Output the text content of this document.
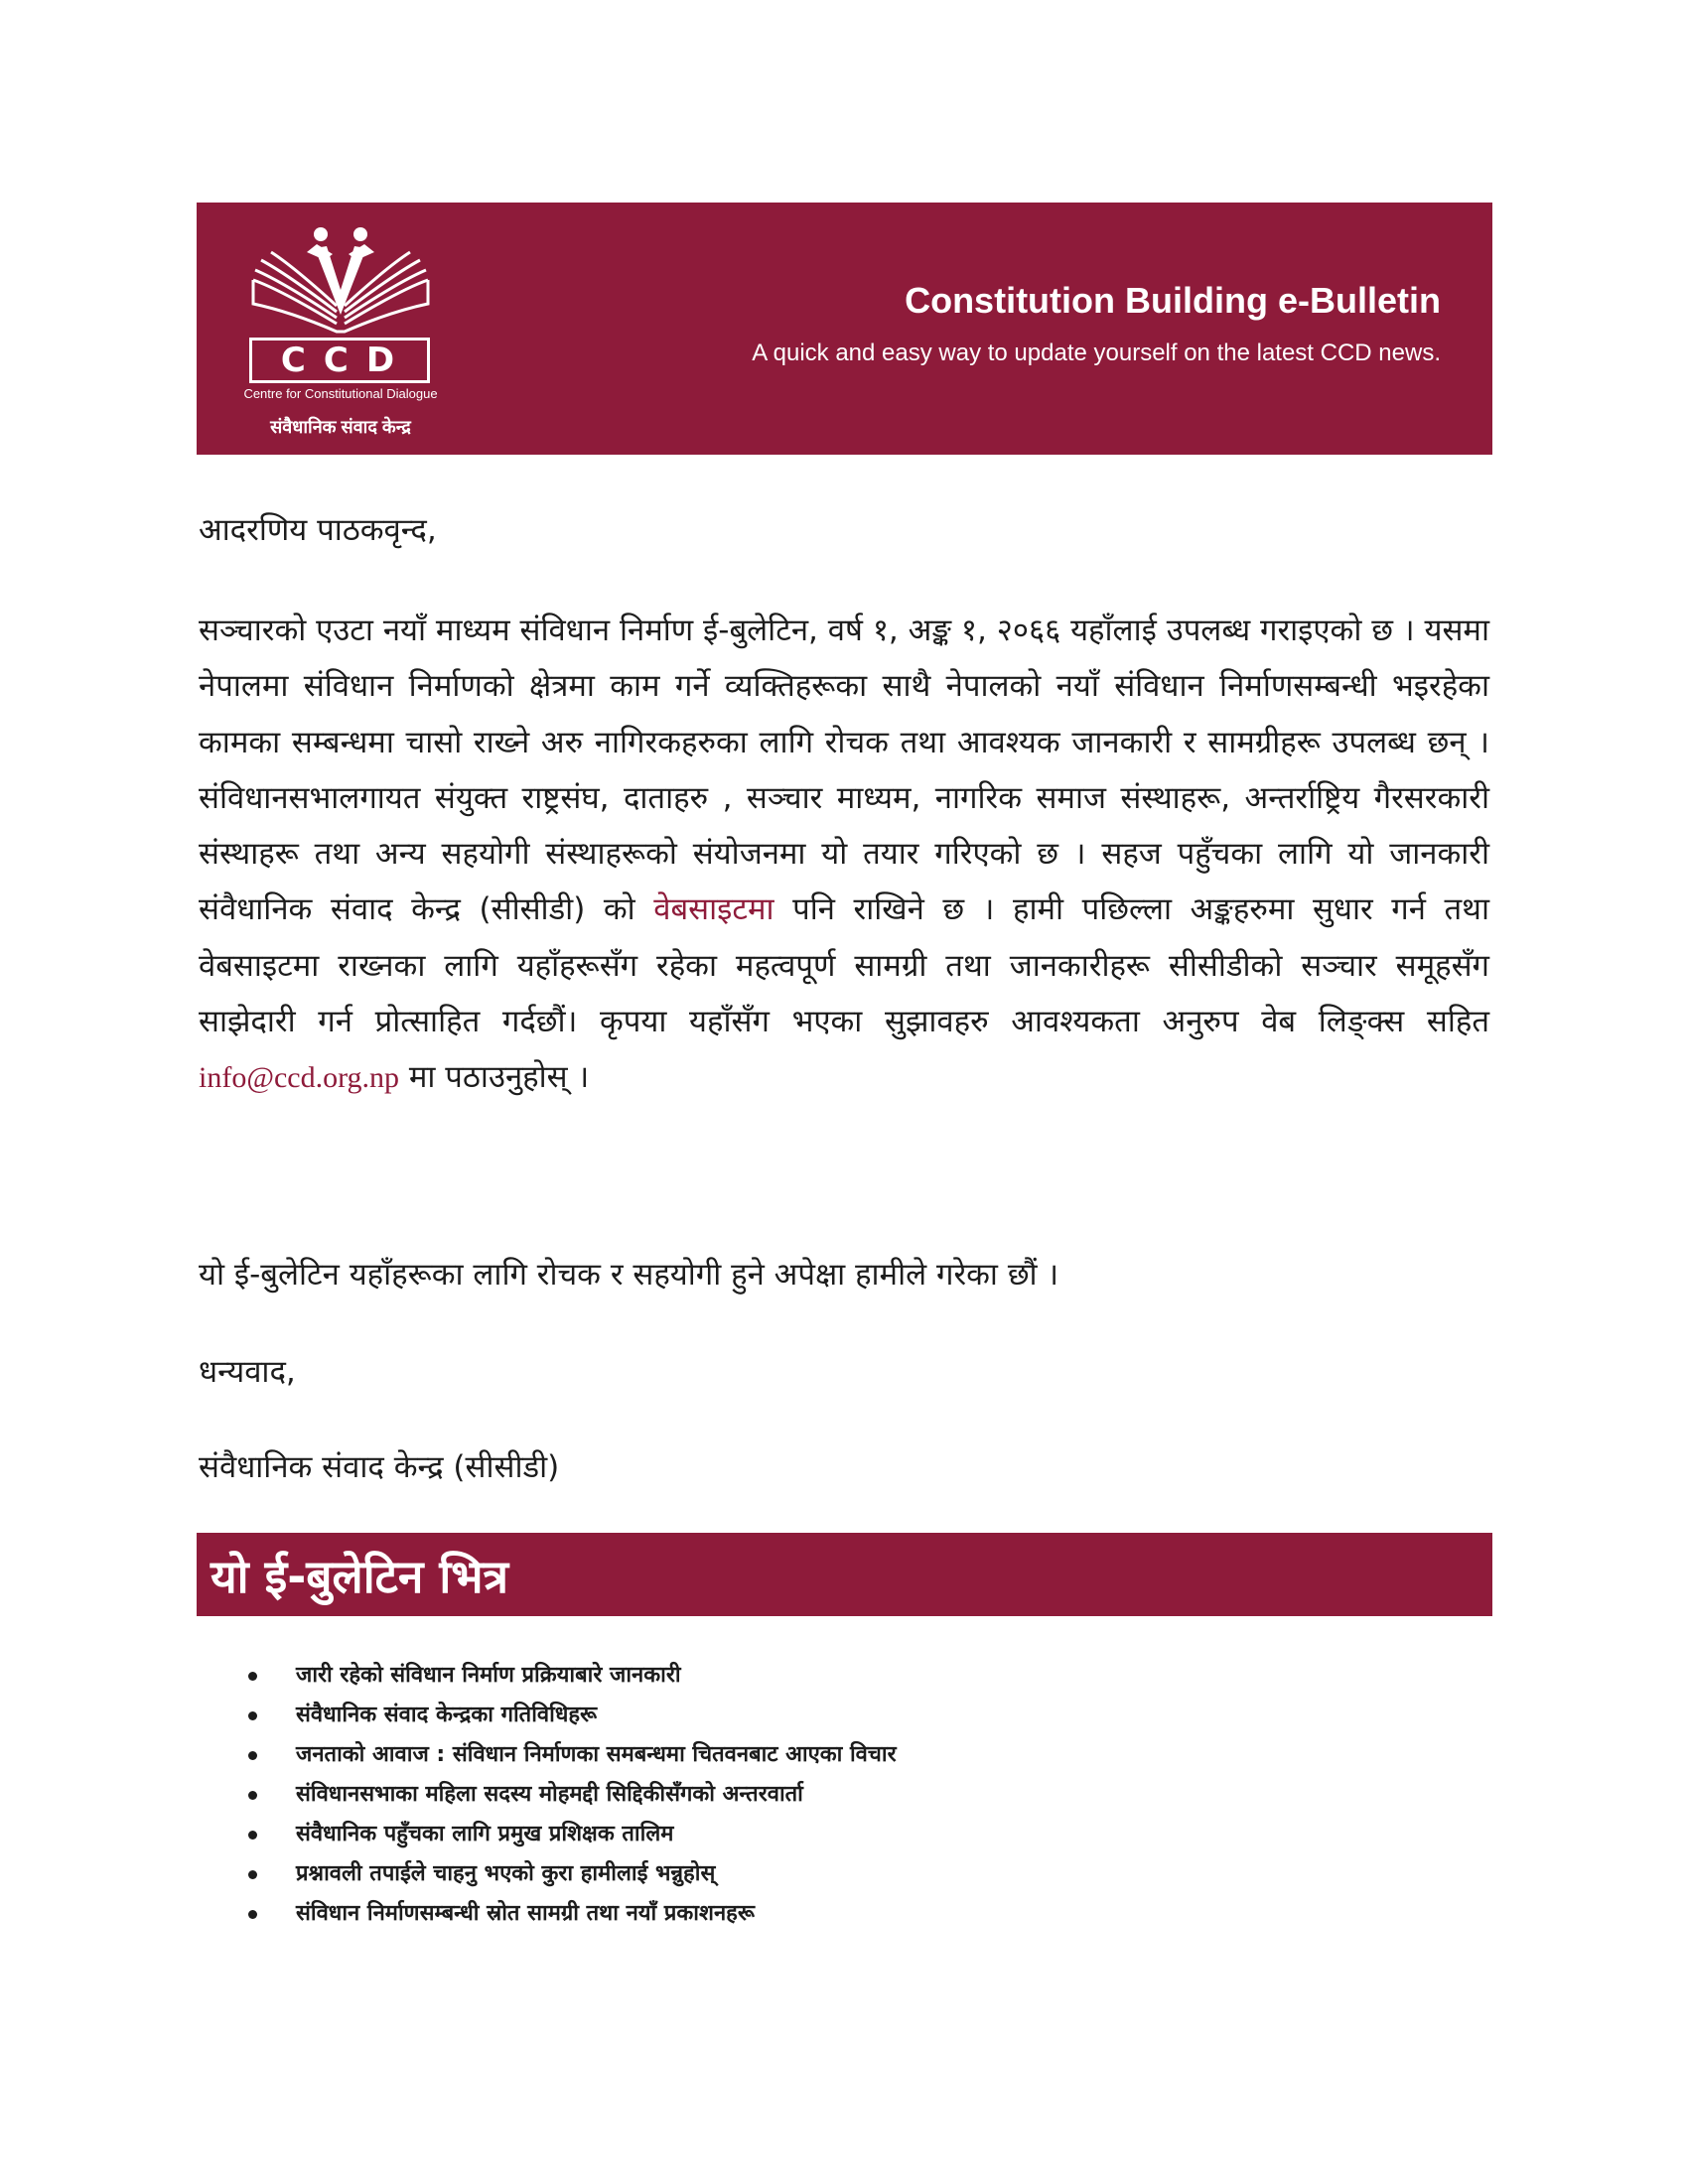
CCD
Centre for Constitutional Dialogue
संवैधानिक संवाद केन्द्र
Constitution Building e-Bulletin
A quick and easy way to update yourself on the latest CCD news.
आदरणिय पाठकवृन्द,
सञ्चारको एउटा नयाँ माध्यम संविधान निर्माण ई-बुलेटिन, वर्ष १, अङ्क १, २०६६ यहाँलाई उपलब्ध गराइएको छ । यसमा नेपालमा संविधान निर्माणको क्षेत्रमा काम गर्ने व्यक्तिहरूका साथै नेपालको नयाँ संविधान निर्माणसम्बन्धी भइरहेका कामका सम्बन्धमा चासो राख्ने अरु नागिरकहरुका लागि रोचक तथा आवश्यक जानकारी र सामग्रीहरू उपलब्ध छन् । संविधानसभालगायत संयुक्त राष्ट्रसंघ, दाताहरु , सञ्चार माध्यम, नागरिक समाज संस्थाहरू, अन्तर्राष्ट्रिय गैरसरकारी संस्थाहरू तथा अन्य सहयोगी संस्थाहरूको संयोजनमा यो तयार गरिएको छ । सहज पहुँचका लागि यो जानकारी संवैधानिक संवाद केन्द्र (सीसीडी) को वेबसाइटमा पनि राखिने छ । हामी पछिल्ला अङ्कहरुमा सुधार गर्न तथा वेबसाइटमा राख्नका लागि यहाँहरूसँग रहेका महत्वपूर्ण सामग्री तथा जानकारीहरू सीसीडीको सञ्चार समूहसँग साझेदारी गर्न प्रोत्साहित गर्दछौं। कृपया यहाँसँग भएका सुझावहरु आवश्यकता अनुरुप वेब लिङ्क्स सहित info@ccd.org.np मा पठाउनुहोस् ।
यो ई-बुलेटिन यहाँहरूका लागि रोचक र सहयोगी हुने अपेक्षा हामीले गरेका छौं ।
धन्यवाद,
संवैधानिक संवाद केन्द्र (सीसीडी)
यो ई-बुलेटिन भित्र
जारी रहेको संविधान निर्माण प्रक्रियाबारे जानकारी
संवैधानिक संवाद केन्द्रका गतिविधिहरू
जनताको आवाज : संविधान निर्माणका समबन्धमा चितवनबाट आएका विचार
संविधानसभाका महिला सदस्य मोहमद्दी सिद्दिकीसँगको अन्तरवार्ता
संवैधानिक पहुँचका लागि प्रमुख प्रशिक्षक तालिम
प्रश्नावली तपाईले चाहनु भएको कुरा हामीलाई भन्नुहोस्
संविधान निर्माणसम्बन्धी स्रोत सामग्री तथा नयाँ प्रकाशनहरू
